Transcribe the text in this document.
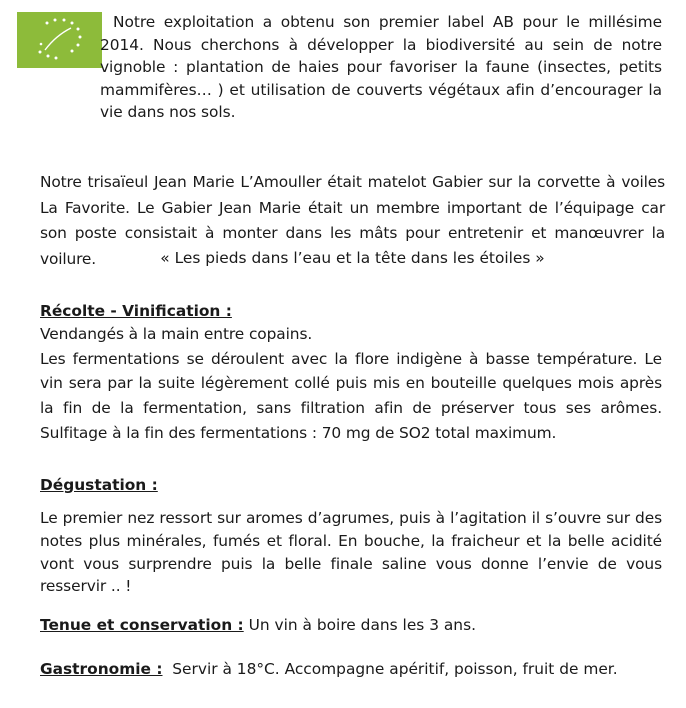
Notre exploitation a obtenu son premier label AB pour le millésime 2014. Nous cherchons à développer la biodiversité au sein de notre vignoble : plantation de haies pour favoriser la faune (insectes, petits mammifères… ) et utilisation de couverts végétaux afin d’encourager la vie dans nos sols.

Notre trisaïeul Jean Marie L’Amouller était matelot Gabier sur la corvette à voiles La Favorite. Le Gabier Jean Marie était un membre important de l’équipage car son poste consistait à monter dans les mâts pour entretenir et manœuvrer la voilure.	« Les pieds dans l’eau et la tête dans les étoiles »

Récolte - Vinification :

Vendangés à la main entre copains.
Les fermentations se déroulent avec la flore indigène à basse température. Le vin sera par la suite légèrement collé puis mis en bouteille quelques mois après la fin de la fermentation, sans filtration afin de préserver tous ses arômes. Sulfitage à la fin des fermentations : 70 mg de SO2 total maximum.

Dégustation :

Le premier nez ressort sur aromes d’agrumes, puis à l’agitation il s’ouvre sur des notes plus minérales, fumés et floral. En bouche, la fraicheur et la belle acidité vont vous surprendre puis la belle finale saline vous donne l’envie de vous resservir .. !

Tenue et conservation : Un vin à boire dans les 3 ans.

Gastronomie :  Servir à 18°C. Accompagne apéritif, poisson, fruit de mer.
